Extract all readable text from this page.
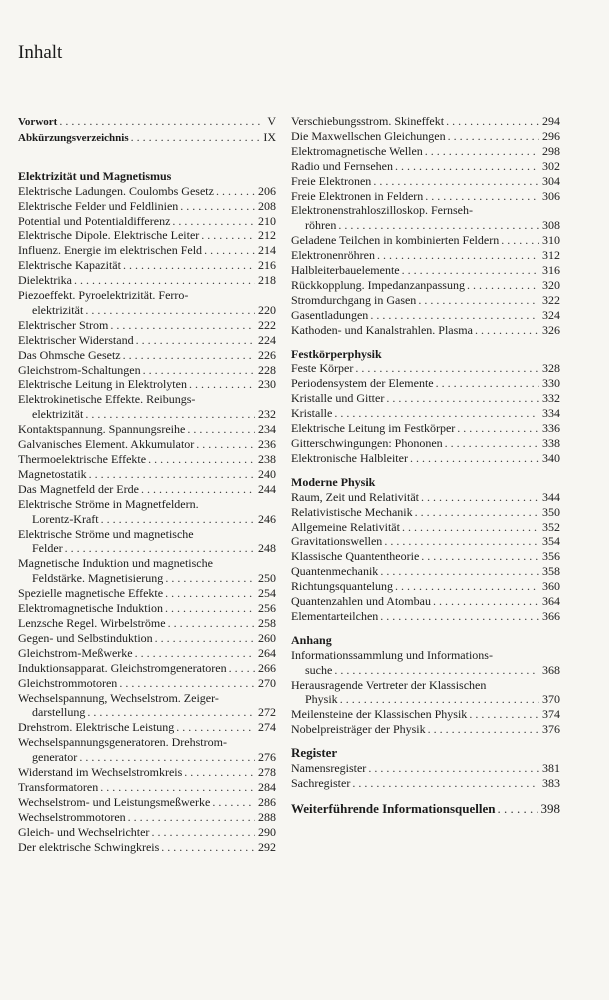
Inhalt
Vorwort . . .	V
Abkürzungsverzeichnis . . .	IX
Elektrizität und Magnetismus
Elektrische Ladungen. Coulombs Gesetz . . .	206
Elektrische Felder und Feldlinien . . .	208
Potential und Potentialdifferenz . . .	210
Elektrische Dipole. Elektrische Leiter . . .	212
Influenz. Energie im elektrischen Feld . . .	214
Elektrische Kapazität . . .	216
Dielektrika . . .	218
Piezoeffekt. Pyroelektrizität. Ferro-
elektrizität . . .	220
Elektrischer Strom . . .	222
Elektrischer Widerstand . . .	224
Das Ohmsche Gesetz . . .	226
Gleichstrom-Schaltungen . . .	228
Elektrische Leitung in Elektrolyten . . .	230
Elektrokinetische Effekte. Reibungs-
elektrizität . . .	232
Kontaktspannung. Spannungsreihe . . .	234
Galvanisches Element. Akkumulator . . .	236
Thermoelektrische Effekte . . .	238
Magnetostatik . . .	240
Das Magnetfeld der Erde . . .	244
Elektrische Ströme in Magnetfeldern.
Lorentz-Kraft . . .	246
Elektrische Ströme und magnetische
Felder . . .	248
Magnetische Induktion und magnetische
Feldstärke. Magnetisierung . . .	250
Spezielle magnetische Effekte . . .	254
Elektromagnetische Induktion . . .	256
Lenzsche Regel. Wirbelströme . . .	258
Gegen- und Selbstinduktion . . .	260
Gleichstrom-Meßwerke . . .	264
Induktionsapparat. Gleichstromgeneratoren . . .	266
Gleichstrommotoren . . .	270
Wechselspannung, Wechselstrom. Zeiger-
darstellung . . .	272
Drehstrom. Elektrische Leistung . . .	274
Wechselspannungsgeneratoren. Drehstrom-
generator . . .	276
Widerstand im Wechselstromkreis . . .	278
Transformatoren . . .	284
Wechselstrom- und Leistungsmeßwerke . . .	286
Wechselstrommotoren . . .	288
Gleich- und Wechselrichter . . .	290
Der elektrische Schwingkreis . . .	292
Verschiebungsstrom. Skineffekt . . .	294
Die Maxwellschen Gleichungen . . .	296
Elektromagnetische Wellen . . .	298
Radio und Fernsehen . . .	302
Freie Elektronen . . .	304
Freie Elektronen in Feldern . . .	306
Elektronenstrahloszilloskop. Fernseh-
röhren . . .	308
Geladene Teilchen in kombinierten Feldern . . .	310
Elektronenröhren . . .	312
Halbleiterbauelemente . . .	316
Rückkopplung. Impedanzanpassung . . .	320
Stromdurchgang in Gasen . . .	322
Gasentladungen . . .	324
Kathoden- und Kanalstrahlen. Plasma . . .	326
Festkörperphysik
Feste Körper . . .	328
Periodensystem der Elemente . . .	330
Kristalle und Gitter . . .	332
Kristalle . . .	334
Elektrische Leitung im Festkörper . . .	336
Gitterschwingungen: Phononen . . .	338
Elektronische Halbleiter . . .	340
Moderne Physik
Raum, Zeit und Relativität . . .	344
Relativistische Mechanik . . .	350
Allgemeine Relativität . . .	352
Gravitationswellen . . .	354
Klassische Quantentheorie . . .	356
Quantenmechanik . . .	358
Richtungsquantelung . . .	360
Quantenzahlen und Atombau . . .	364
Elementarteilchen . . .	366
Anhang
Informationssammlung und Informations-
suche . . .	368
Herausragende Vertreter der Klassischen
Physik . . .	370
Meilensteine der Klassischen Physik . . .	374
Nobelpreisträger der Physik . . .	376
Register
Namensregister . . .	381
Sachregister . . .	383
Weiterführende Informationsquellen . . .	398
